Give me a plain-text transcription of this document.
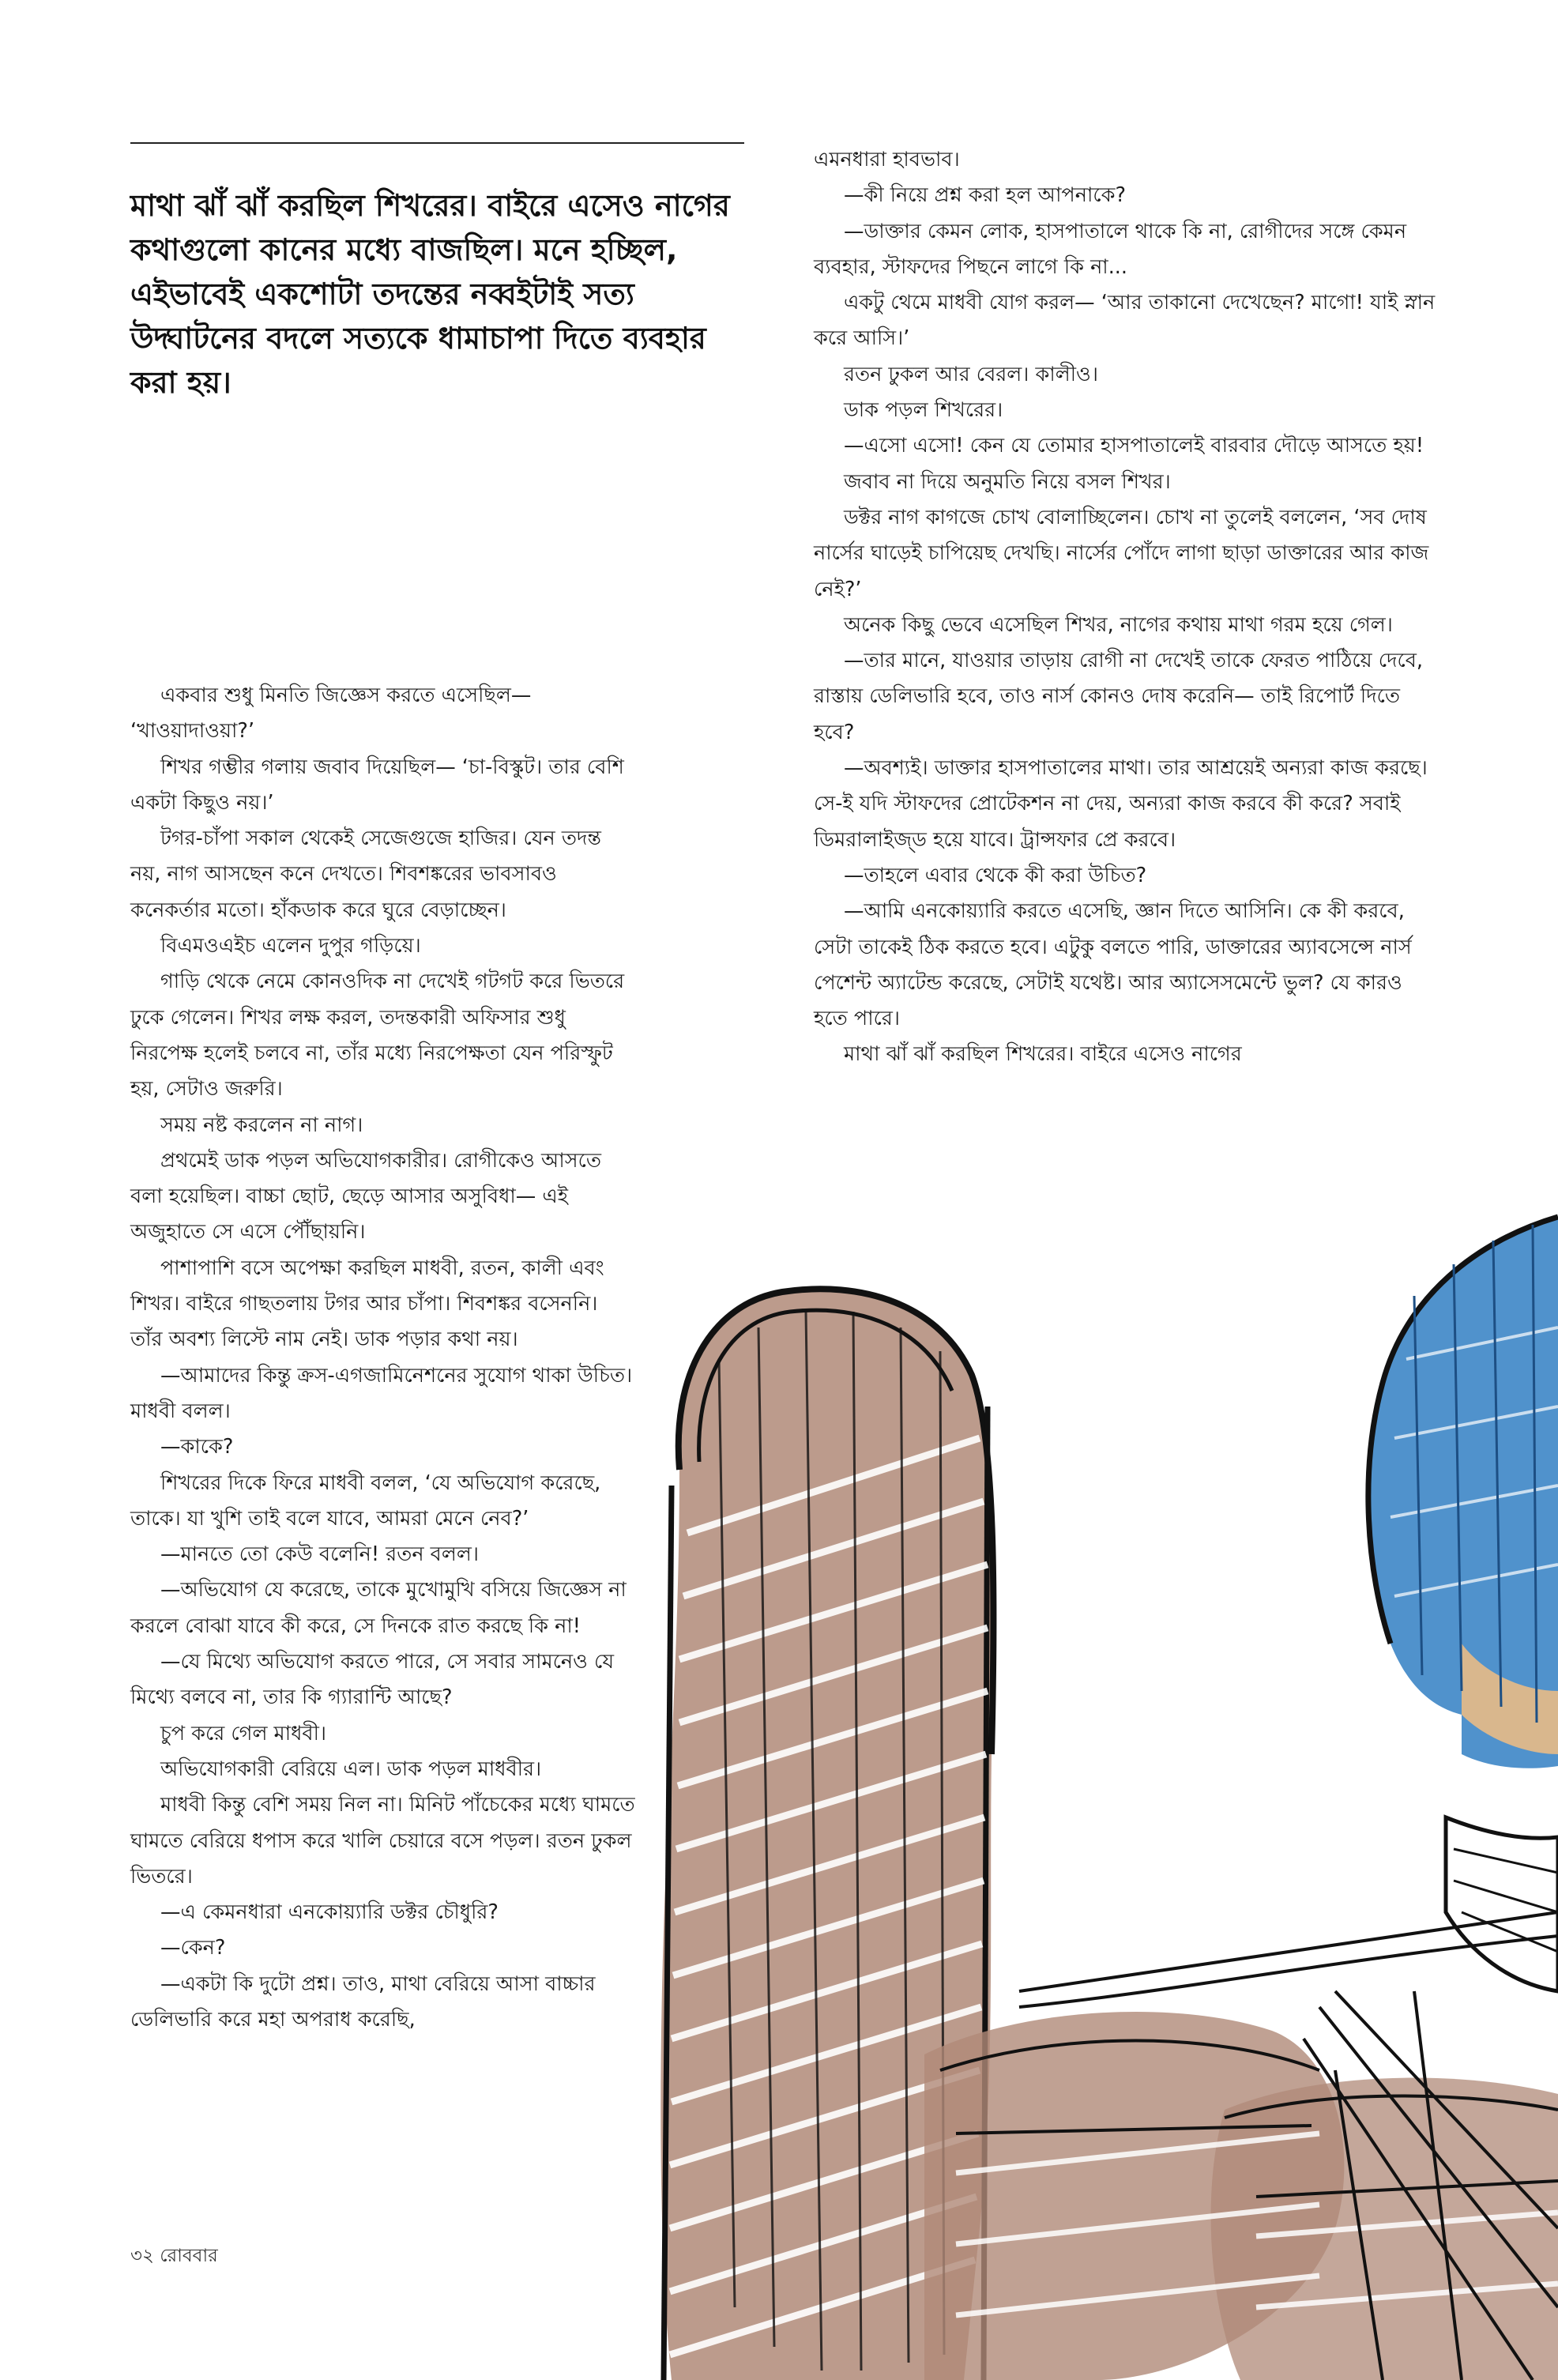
মাথা ঝাঁ ঝাঁ করছিল শিখরের। বাইরে এসেও নাগের কথাগুলো কানের মধ্যে বাজছিল। মনে হচ্ছিল, এইভাবেই একশোটা তদন্তের নব্বইটাই সত্য উদ্ঘাটনের বদলে সত্যকে ধামাচাপা দিতে ব্যবহার করা হয়।

একবার শুধু মিনতি জিজ্ঞেস করতে এসেছিল— ‘খাওয়াদাওয়া?’

শিখর গম্ভীর গলায় জবাব দিয়েছিল— ‘চা-বিস্কুট। তার বেশি একটা কিছুও নয়।’

টগর-চাঁপা সকাল থেকেই সেজেগুজে হাজির। যেন তদন্ত নয়, নাগ আসছেন কনে দেখতে। শিবশঙ্করের ভাবসাবও কনেকর্তার মতো। হাঁকডাক করে ঘুরে বেড়াচ্ছেন।

বিএমওএইচ এলেন দুপুর গড়িয়ে।

গাড়ি থেকে নেমে কোনওদিক না দেখেই গটগট করে ভিতরে ঢুকে গেলেন। শিখর লক্ষ করল, তদন্তকারী অফিসার শুধু নিরপেক্ষ হলেই চলবে না, তাঁর মধ্যে নিরপেক্ষতা যেন পরিস্ফুট হয়, সেটাও জরুরি।

সময় নষ্ট করলেন না নাগ।

প্রথমেই ডাক পড়ল অভিযোগকারীর। রোগীকেও আসতে বলা হয়েছিল। বাচ্চা ছোট, ছেড়ে আসার অসুবিধা— এই অজুহাতে সে এসে পৌঁছায়নি।

পাশাপাশি বসে অপেক্ষা করছিল মাধবী, রতন, কালী এবং শিখর। বাইরে গাছতলায় টগর আর চাঁপা। শিবশঙ্কর বসেননি। তাঁর অবশ্য লিস্টে নাম নেই। ডাক পড়ার কথা নয়।

—আমাদের কিন্তু ক্রস-এগজামিনেশনের সুযোগ থাকা উচিত। মাধবী বলল।

—কাকে?

শিখরের দিকে ফিরে মাধবী বলল, ‘যে অভিযোগ করেছে, তাকে। যা খুশি তাই বলে যাবে, আমরা মেনে নেব?’

—মানতে তো কেউ বলেনি! রতন বলল।

—অভিযোগ যে করেছে, তাকে মুখোমুখি বসিয়ে জিজ্ঞেস না করলে বোঝা যাবে কী করে, সে দিনকে রাত করছে কি না!

—যে মিথ্যে অভিযোগ করতে পারে, সে সবার সামনেও যে মিথ্যে বলবে না, তার কি গ্যারান্টি আছে?

চুপ করে গেল মাধবী।

অভিযোগকারী বেরিয়ে এল। ডাক পড়ল মাধবীর।

মাধবী কিন্তু বেশি সময় নিল না। মিনিট পাঁচেকের মধ্যে ঘামতে ঘামতে বেরিয়ে ধপাস করে খালি চেয়ারে বসে পড়ল। রতন ঢুকল ভিতরে।

—এ কেমনধারা এনকোয়্যারি ডক্টর চৌধুরি?

—কেন?

—একটা কি দুটো প্রশ্ন। তাও, মাথা বেরিয়ে আসা বাচ্চার ডেলিভারি করে মহা অপরাধ করেছি,

এমনধারা হাবভাব।

—কী নিয়ে প্রশ্ন করা হল আপনাকে?

—ডাক্তার কেমন লোক, হাসপাতালে থাকে কি না, রোগীদের সঙ্গে কেমন ব্যবহার, স্টাফদের পিছনে লাগে কি না...

একটু থেমে মাধবী যোগ করল— ‘আর তাকানো দেখেছেন? মাগো! যাই স্নান করে আসি।’

রতন ঢুকল আর বেরল। কালীও।

ডাক পড়ল শিখরের।

—এসো এসো! কেন যে তোমার হাসপাতালেই বারবার দৌড়ে আসতে হয়!

জবাব না দিয়ে অনুমতি নিয়ে বসল শিখর।

ডক্টর নাগ কাগজে চোখ বোলাচ্ছিলেন। চোখ না তুলেই বললেন, ‘সব দোষ নার্সের ঘাড়েই চাপিয়েছ দেখছি। নার্সের পোঁদে লাগা ছাড়া ডাক্তারের আর কাজ নেই?’

অনেক কিছু ভেবে এসেছিল শিখর, নাগের কথায় মাথা গরম হয়ে গেল।

—তার মানে, যাওয়ার তাড়ায় রোগী না দেখেই তাকে ফেরত পাঠিয়ে দেবে, রাস্তায় ডেলিভারি হবে, তাও নার্স কোনও দোষ করেনি— তাই রিপোর্ট দিতে হবে?

—অবশ্যই। ডাক্তার হাসপাতালের মাথা। তার আশ্রয়েই অন্যরা কাজ করছে। সে-ই যদি স্টাফদের প্রোটেকশন না দেয়, অন্যরা কাজ করবে কী করে? সবাই ডিমরালাইজ্‌ড হয়ে যাবে। ট্রান্সফার প্রে করবে।

—তাহলে এবার থেকে কী করা উচিত?

—আমি এনকোয়্যারি করতে এসেছি, জ্ঞান দিতে আসিনি। কে কী করবে, সেটা তাকেই ঠিক করতে হবে। এটুকু বলতে পারি, ডাক্তারের অ্যাবসেন্সে নার্স পেশেন্ট অ্যাটেন্ড করেছে, সেটাই যথেষ্ট। আর অ্যাসেসমেন্টে ভুল? যে কারও হতে পারে।

মাথা ঝাঁ ঝাঁ করছিল শিখরের। বাইরে এসেও নাগের

৩২ রোববার
